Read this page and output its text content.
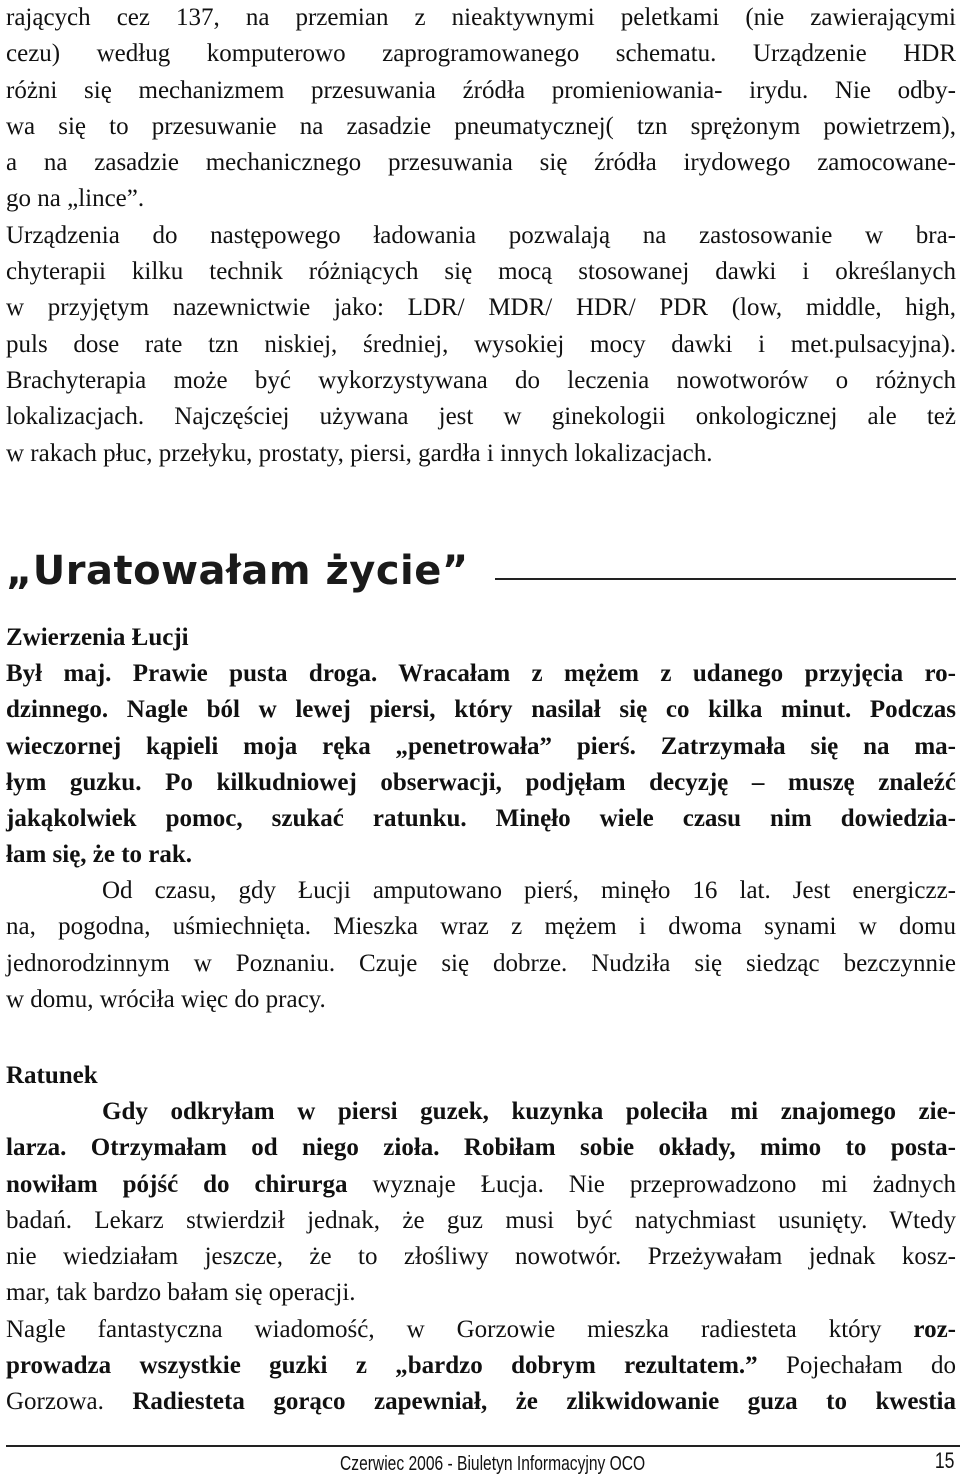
rających cez 137, na przemian z nieaktywnymi peletkami (nie zawierającymi
cezu) według komputerowo zaprogramowanego schematu. Urządzenie HDR
różni się mechanizmem przesuwania źródła promieniowania- irydu. Nie odby-
wa się to przesuwanie na zasadzie pneumatycznej( tzn sprężonym powietrzem),
a na zasadzie mechanicznego przesuwania się źródła irydowego zamocowane-
go na „lince”.
Urządzenia do następowego ładowania pozwalają na zastosowanie w bra-
chyterapii kilku technik różniących się mocą stosowanej dawki i określanych
w przyjętym nazewnictwie jako: LDR/ MDR/ HDR/ PDR (low, middle, high,
puls dose rate tzn niskiej, średniej, wysokiej mocy dawki i met.pulsacyjna).
Brachyterapia może być wykorzystywana do leczenia nowotworów o różnych
lokalizacjach. Najczęściej używana jest w ginekologii onkologicznej ale też
w rakach płuc, przełyku, prostaty, piersi, gardła i innych lokalizacjach.
„Uratowałam życie”
Zwierzenia Łucji
Był maj. Prawie pusta droga. Wracałam z mężem z udanego przyjęcia ro-
dzinnego. Nagle ból w lewej piersi, który nasilał się co kilka minut. Podczas
wieczornej kąpieli moja ręka „penetrowała” pierś. Zatrzymała się na ma-
łym guzku. Po kilkudniowej obserwacji, podjęłam decyzję – muszę znaleźć
jakąkolwiek pomoc, szukać ratunku. Minęło wiele czasu nim dowiedzia-
łam się, że to rak.
Od czasu, gdy Łucji amputowano pierś, minęło 16 lat. Jest energiczz-
na, pogodna, uśmiechnięta. Mieszka wraz z mężem i dwoma synami w domu
jednorodzinnym w Poznaniu. Czuje się dobrze. Nudziła się siedząc bezczynnie
w domu, wróciła więc do pracy.
Ratunek
Gdy odkryłam w piersi guzek, kuzynka poleciła mi znajomego zie-
larza. Otrzymałam od niego zioła. Robiłam sobie okłady, mimo to posta-
nowiłam pójść do chirurga wyznaje Łucja. Nie przeprowadzono mi żadnych
badań. Lekarz stwierdził jednak, że guz musi być natychmiast usunięty. Wtedy
nie wiedziałam jeszcze, że to złośliwy nowotwór. Przeżywałam jednak kosz-
mar, tak bardzo bałam się operacji.
Nagle fantastyczna wiadomość, w Gorzowie mieszka radiesteta który roz-
prowadza wszystkie guzki z „bardzo dobrym rezultatem.” Pojechałam do
Gorzowa. Radiesteta gorąco zapewniał, że zlikwidowanie guza to kwestia
Czerwiec 2006 - Biuletyn Informacyjny OCO	15
